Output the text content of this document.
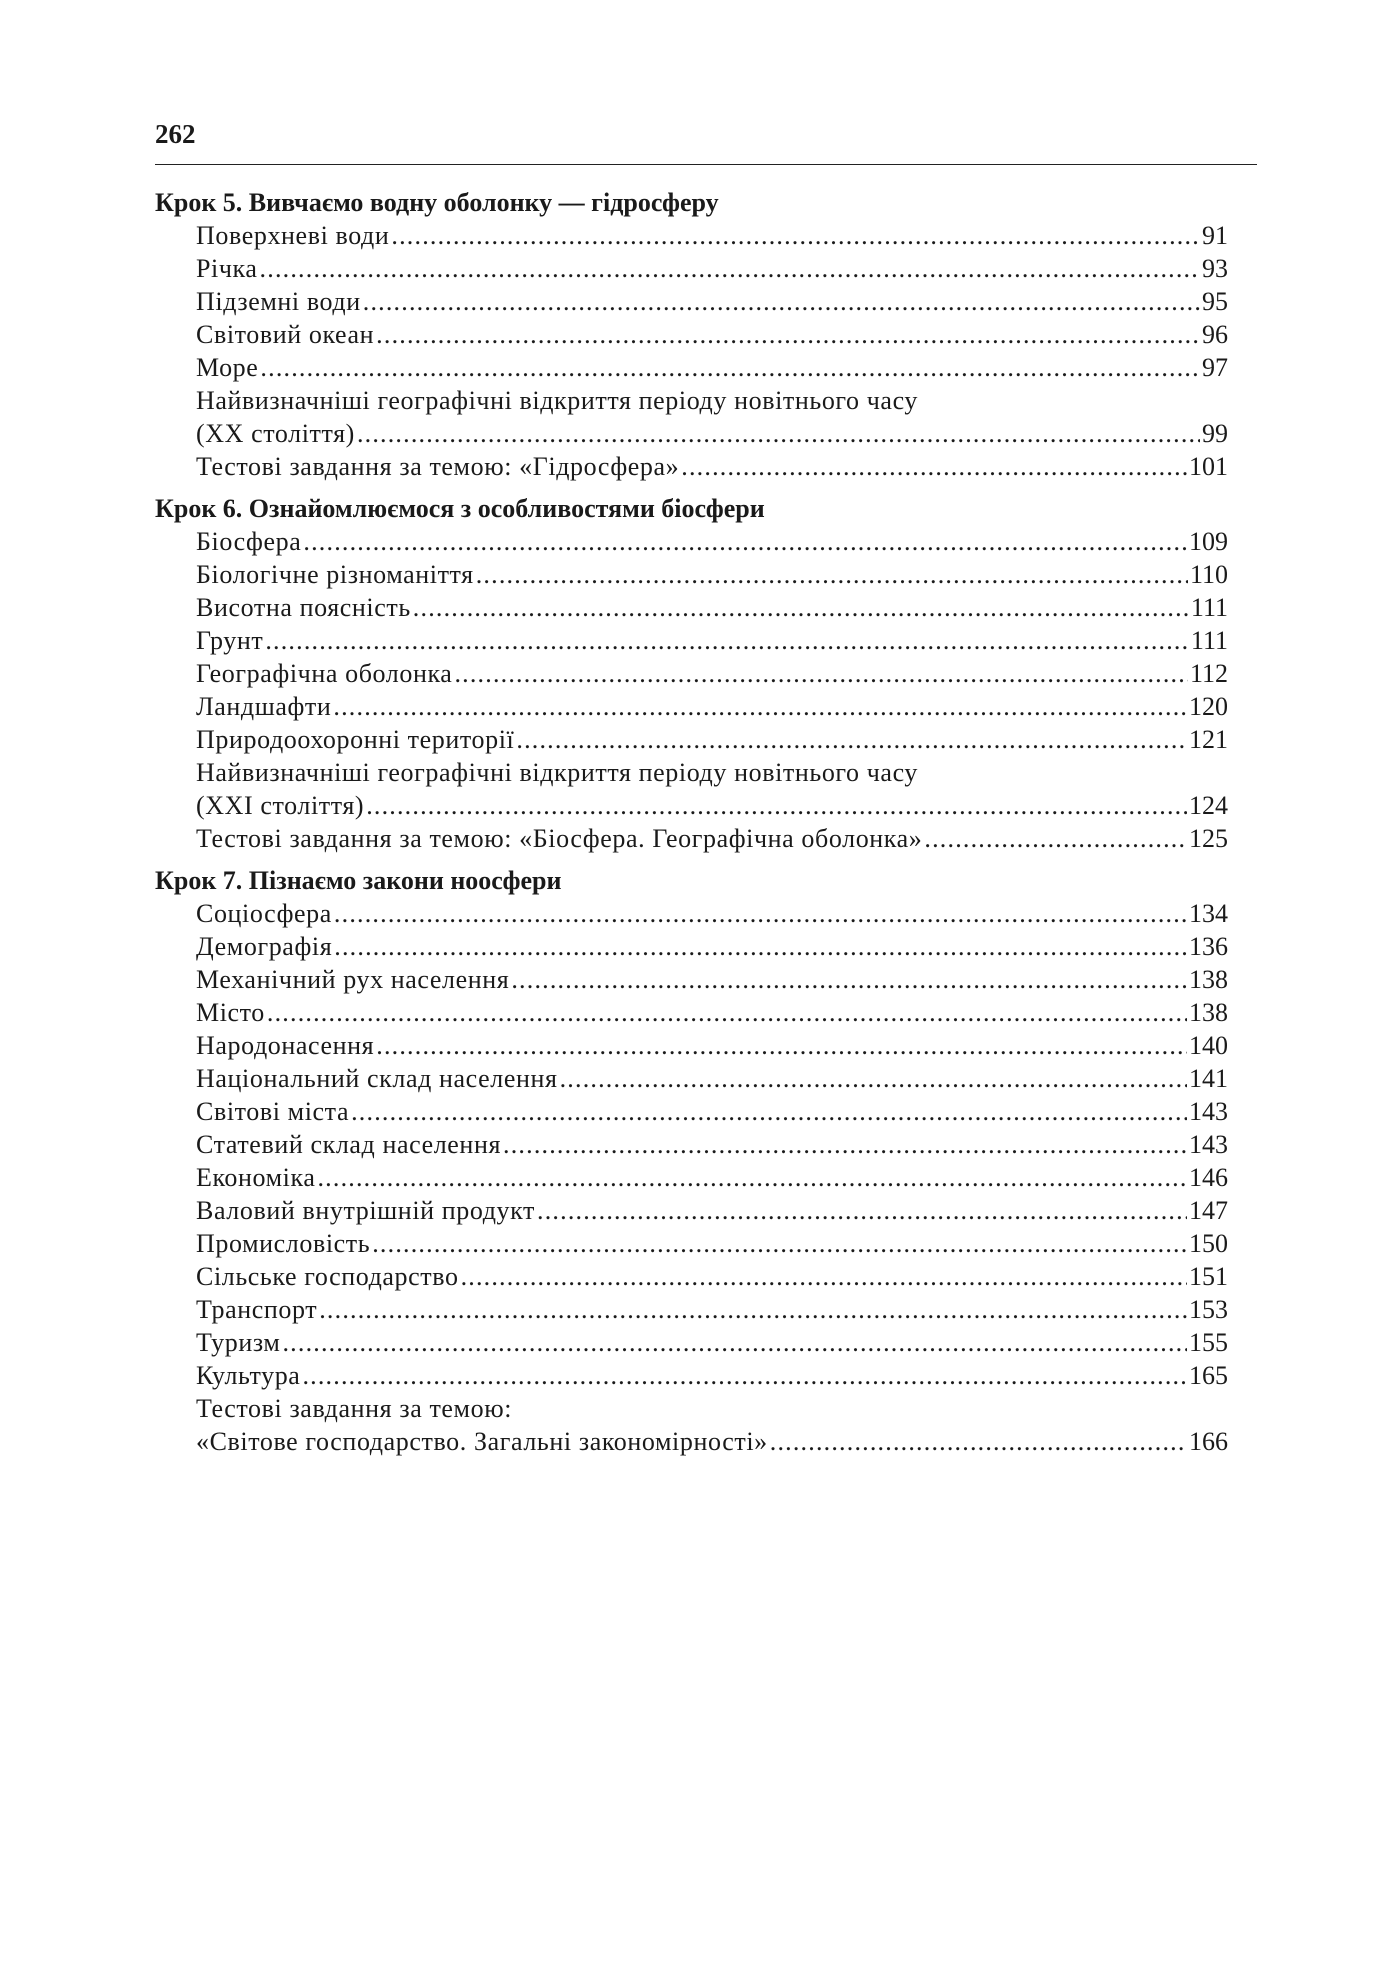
262
Крок 5. Вивчаємо водну оболонку — гідросферу
Поверхневі води .....	91
Річка .....	93
Підземні води .....	95
Світовий океан .....	96
Море .....	97
Найвизначніші географічні відкриття періоду новітнього часу
(XX століття) .....	99
Тестові завдання за темою: «Гідросфера» .....	101
Крок 6. Ознайомлюємося з особливостями біосфери
Біосфера .....	109
Біологічне різноманіття .....	110
Висотна поясність .....	111
Грунт .....	111
Географічна оболонка .....	112
Ландшафти .....	120
Природоохоронні території .....	121
Найвизначніші географічні відкриття періоду новітнього часу
(XXI століття) .....	124
Тестові завдання за темою: «Біосфера. Географічна оболонка» .....	125
Крок 7. Пізнаємо закони ноосфери
Соціосфера .....	134
Демографія .....	136
Механічний рух населення .....	138
Місто .....	138
Народонасення .....	140
Національний склад населення .....	141
Світові міста .....	143
Статевий склад населення .....	143
Економіка .....	146
Валовий внутрішній продукт .....	147
Промисловість .....	150
Сільське господарство .....	151
Транспорт .....	153
Туризм .....	155
Культура .....	165
Тестові завдання за темою:
«Світове господарство. Загальні закономірності» .....	166
